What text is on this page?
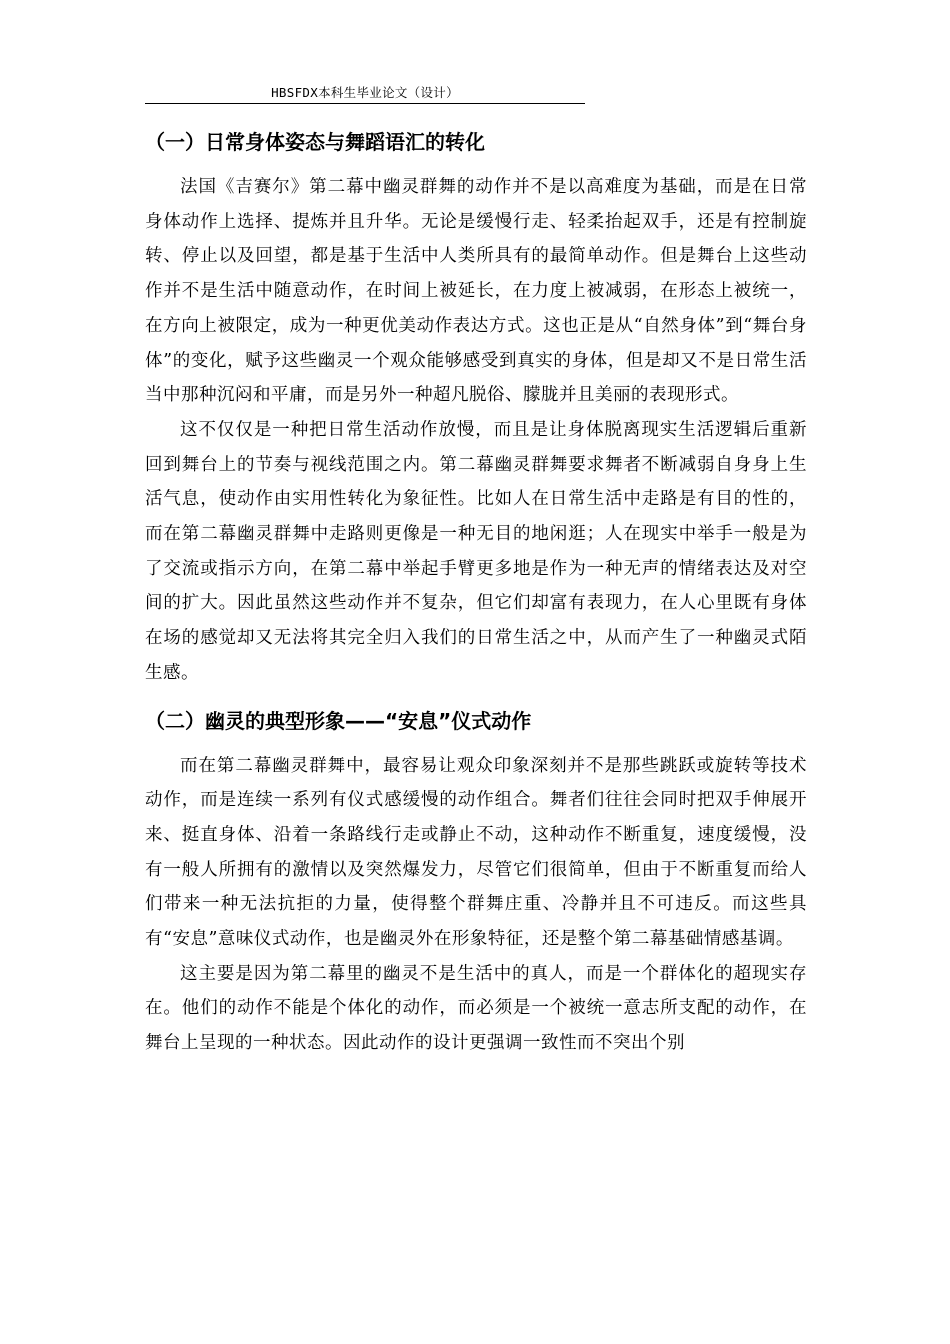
HBSFDX本科生毕业论文（设计）
（一）日常身体姿态与舞蹈语汇的转化

法国《吉赛尔》第二幕中幽灵群舞的动作并不是以高难度为基础，而是在日常身体动作上选择、提炼并且升华。无论是缓慢行走、轻柔抬起双手，还是有控制旋转、停止以及回望，都是基于生活中人类所具有的最简单动作。但是舞台上这些动作并不是生活中随意动作，在时间上被延长，在力度上被减弱，在形态上被统一，在方向上被限定，成为一种更优美动作表达方式。这也正是从“自然身体”到“舞台身体”的变化，赋予这些幽灵一个观众能够感受到真实的身体，但是却又不是日常生活当中那种沉闷和平庸，而是另外一种超凡脱俗、朦胧并且美丽的表现形式。

这不仅仅是一种把日常生活动作放慢，而且是让身体脱离现实生活逻辑后重新回到舞台上的节奏与视线范围之内。第二幕幽灵群舞要求舞者不断减弱自身身上生活气息，使动作由实用性转化为象征性。比如人在日常生活中走路是有目的性的，而在第二幕幽灵群舞中走路则更像是一种无目的地闲逛；人在现实中举手一般是为了交流或指示方向，在第二幕中举起手臂更多地是作为一种无声的情绪表达及对空间的扩大。因此虽然这些动作并不复杂，但它们却富有表现力，在人心里既有身体在场的感觉却又无法将其完全归入我们的日常生活之中，从而产生了一种幽灵式陌生感。

（二）幽灵的典型形象——“安息”仪式动作

而在第二幕幽灵群舞中，最容易让观众印象深刻并不是那些跳跃或旋转等技术动作，而是连续一系列有仪式感缓慢的动作组合。舞者们往往会同时把双手伸展开来、挺直身体、沿着一条路线行走或静止不动，这种动作不断重复，速度缓慢，没有一般人所拥有的激情以及突然爆发力，尽管它们很简单，但由于不断重复而给人们带来一种无法抗拒的力量，使得整个群舞庄重、冷静并且不可违反。而这些具有“安息”意味仪式动作，也是幽灵外在形象特征，还是整个第二幕基础情感基调。

这主要是因为第二幕里的幽灵不是生活中的真人，而是一个群体化的超现实存在。他们的动作不能是个体化的动作，而必须是一个被统一意志所支配的动作，在舞台上呈现的一种状态。因此动作的设计更强调一致性而不突出个别
